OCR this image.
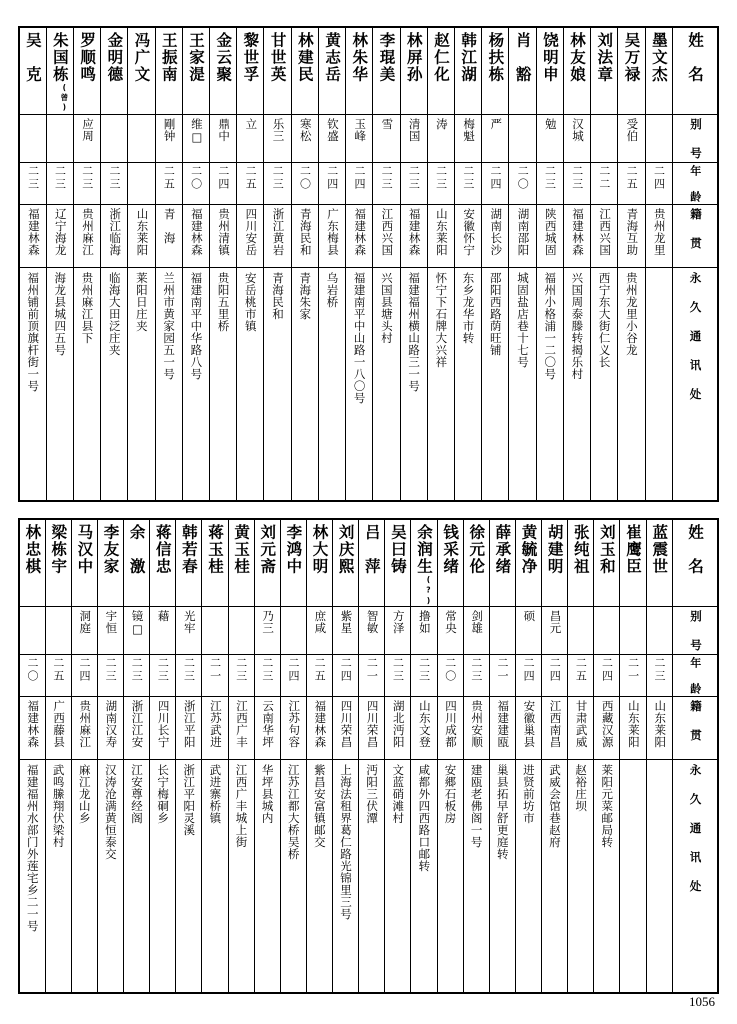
吴　克	朱国栋$^{(曾)}$	罗顺鸣	金明德	冯广文	王振南	王家湜	金云聚	黎世孚	甘世英	林建民	黄志岳	林朱华	李琨美	林屏孙	赵仁化	韩江湖	杨扶栋	肖　豁	饶明申	林友娘	刘法章	吴万禄	墨文杰	姓　名

		应周			剛钟	维□	鼎中	立	乐三	寒松	钦盛	玉峰	雪	清国	涛	梅魁	严		勉	汉城		受伯		别　号

二三	二三	二三	二三		二五	二〇	二四	二五	二三	二〇	二四	二四	二三	二三	二三	二三	二四	二〇	二三	二三	二二	二五	二四	年　龄

福建林森	辽宁海龙	贵州麻江	浙江临海	山东莱阳	青　海	福建林森	贵州清镇	四川安岳	浙江黄岩	青海民和	广东梅县	福建林森	江西兴国	福建林森	山东莱阳	安徽怀宁	湖南长沙	湖南邵阳	陕西城固	福建林森	江西兴国	青海互助	贵州龙里	籍　贯

福州铺前顶旗杆街一号	海龙县城四五号	贵州麻江县下	临海大田泛庄夹	莱阳日庄夹	兰州市黄家园五一号	福建南平中华路八号	贵阳五里桥	安岳桃市镇	青海民和	青海朱家	乌岩桥	福建南平中山路一八〇号	兴国县塘头村	福建福州横山路三一号	怀宁下石牌大兴祥	东乡龙华市转	邵阳西路荫旺铺	城固盐店巷十七号	福州小格浦一二〇号	兴国周泰滕转揭乐村	西宁东大街仁义长	贵州龙里小谷龙		永　久　通　讯　处
林忠棋	梁栋宇	马汉中	李友家	余　激	蒋信忠	韩若春	蒋玉桂	黄玉桂	刘元斋	李鸿中	林大明	刘庆熙	吕　萍	吴曰铸	余润生(?)	钱采绪	徐元伦	薛承绪	黄毓净	胡建明	张纯祖	刘玉和	崔鹰臣	蓝震世	姓　名

		洞庭	宇恒	镜□	藉	光牢			乃三		庶咸	紫星	智敏	方泽	撸如	常央	剑雄		硕	昌元					别　号

二〇	二五	二四	二三	二三	二三	二三	二一	二三	二三	二四	二五	二四	二一	二三	二三	二〇	二三	二一	二四	二四	二五	二四	二一	二三	年　龄

福建林森	广西藤县	贵州麻江	湖南汉寿	浙江江安	四川长宁	浙江平阳	江苏武进	江西广丰	云南华坪	江苏句容	福建林森	四川荣昌	四川荣昌	湖北沔阳	山东文登	四川成都	贵州安顺	福建建瓯	安徽巢县	江西南昌	甘肃武威	西藏汉源	山东莱阳	山东莱阳	籍　贯

福建福州水部门外莲宅乡二一号	武鸣縢翔伏梁村	麻江龙山乡	汉涛沧满黄恒泰交	江安尊经阁	长宁梅硐乡	浙江平阳灵溪	武进寨桥镇	江西广丰城上街	华坪县城内	江苏江都大桥吴桥	紫昌安富镇邮交	上海法租界葛仁路光锦里三号	沔阳三伏潭	文蓝硝滩村	咸都外四西路口邮转	安郷石板房	建瓯老佛阁一号	巢县拓早舒更庭转	进贤前坊市	武威会馆巷赵府	赵裕庄坝	莱阳元菜邮局转			永　久　通　讯　处
1056
